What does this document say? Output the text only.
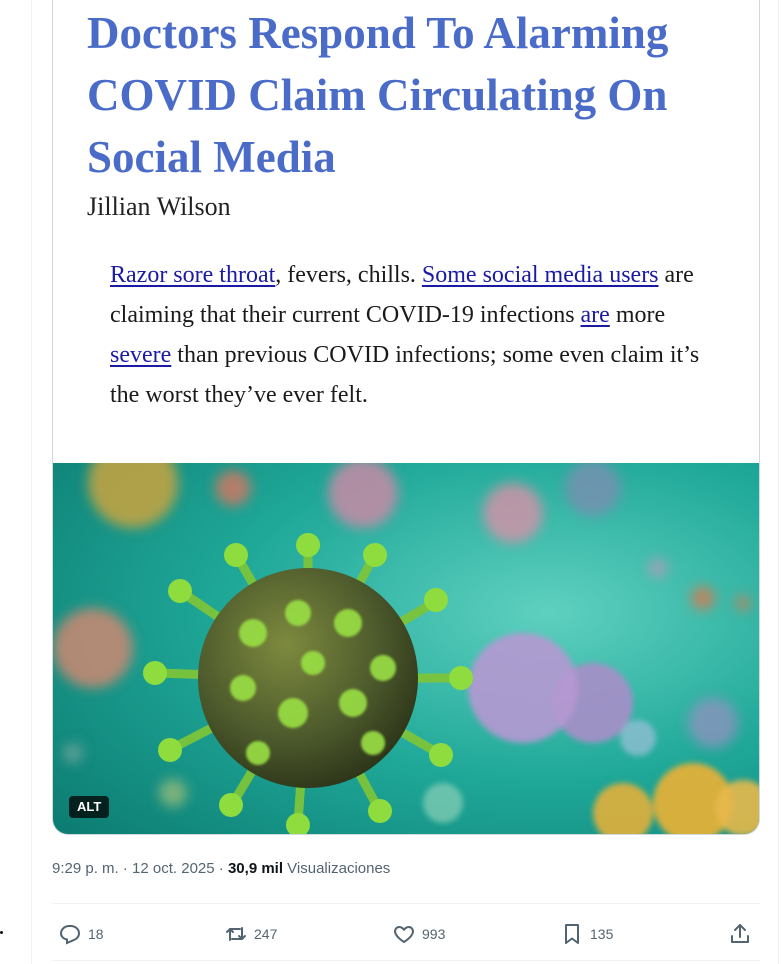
Doctors Respond To Alarming COVID Claim Circulating On Social Media
Jillian Wilson
Razor sore throat, fevers, chills. Some social media users are claiming that their current COVID-19 infections are more severe than previous COVID infections; some even claim it’s the worst they’ve ever felt.
ALT
9:29 p. m. · 12 oct. 2025 · 30,9 mil Visualizaciones
18	247	993	135
